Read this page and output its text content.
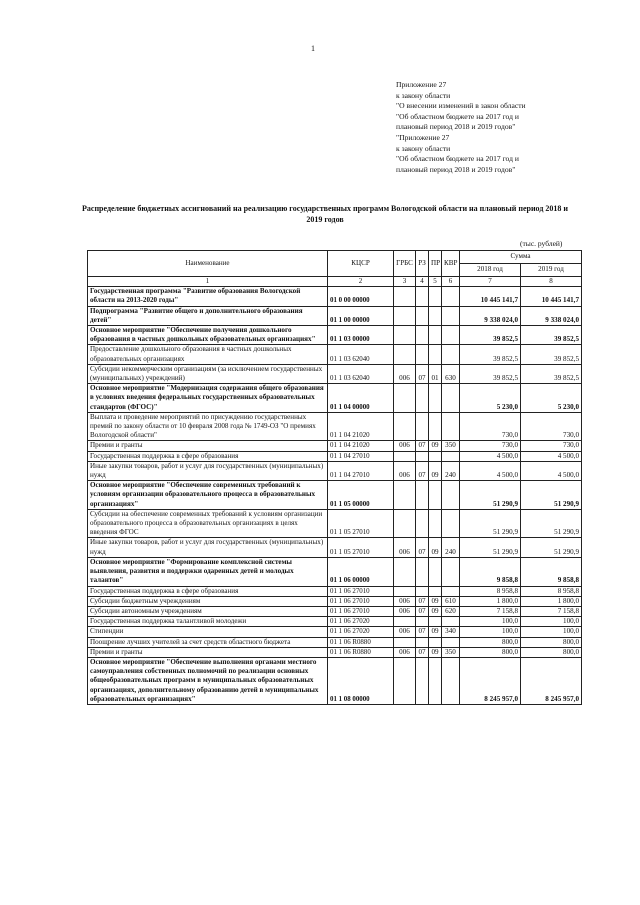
1
Приложение 27
к закону области
"О внесении изменений в закон области
"Об областном бюджете на 2017 год и
плановый период 2018 и 2019 годов"
"Приложение 27
к закону области
"Об областном бюджете на 2017 год и
плановый период 2018 и 2019 годов"
Распределение бюджетных ассигнований на реализацию государственных программ Вологодской области на плановый период 2018 и 2019 годов
(тыс. рублей)
Наименование	КЦСР	ГРБС	РЗ	ПР	КВР	Сумма	
						2018 год	2019 год
1	2	3	4	5	6	7	8
Государственная программа "Развитие образования Вологодской области на 2013-2020 годы"	01 0 00 00000					10 445 141,7	10 445 141,7
Подпрограмма "Развитие общего и дополнительного образования детей"	01 1 00 00000					9 338 024,0	9 338 024,0
Основное мероприятие "Обеспечение получения дошкольного образования в частных дошкольных образовательных организациях"	01 1 03 00000					39 852,5	39 852,5
Предоставление дошкольного образования в частных дошкольных образовательных организациях	01 1 03 62040					39 852,5	39 852,5
Субсидии некоммерческим организациям (за исключением государственных (муниципальных) учреждений)	01 1 03 62040	006	07	01	630	39 852,5	39 852,5
Основное мероприятие "Модернизация содержания общего образования в условиях введения федеральных государственных образовательных стандартов (ФГОС)"	01 1 04 00000					5 230,0	5 230,0
Выплата и проведение мероприятий по присуждению государственных премий по закону области от 10 февраля 2008 года № 1749-ОЗ "О премиях Вологодской области"	01 1 04 21020					730,0	730,0
Премии и гранты	01 1 04 21020	006	07	09	350	730,0	730,0
Государственная поддержка в сфере образования	01 1 04 27010					4 500,0	4 500,0
Иные закупки товаров, работ и услуг для государственных (муниципальных) нужд	01 1 04 27010	006	07	09	240	4 500,0	4 500,0
Основное мероприятие "Обеспечение современных требований к условиям организации образовательного процесса в образовательных организациях"	01 1 05 00000					51 290,9	51 290,9
Субсидии на обеспечение современных требований к условиям организации образовательного процесса в образовательных организациях в целях введения ФГОС	01 1 05 27010					51 290,9	51 290,9
Иные закупки товаров, работ и услуг для государственных (муниципальных) нужд	01 1 05 27010	006	07	09	240	51 290,9	51 290,9
Основное мероприятие "Формирование комплексной системы выявления, развития и поддержки одаренных детей и молодых талантов"	01 1 06 00000					9 858,8	9 858,8
Государственная поддержка в сфере образования	01 1 06 27010					8 958,8	8 958,8
Субсидии бюджетным учреждениям	01 1 06 27010	006	07	09	610	1 800,0	1 800,0
Субсидии автономным учреждениям	01 1 06 27010	006	07	09	620	7 158,8	7 158,8
Государственная поддержка талантливой молодежи	01 1 06 27020					100,0	100,0
Стипендии	01 1 06 27020	006	07	09	340	100,0	100,0
Поощрение лучших учителей за счет средств областного бюджета	01 1 06 R0880					800,0	800,0
Премии и гранты	01 1 06 R0880	006	07	09	350	800,0	800,0
Основное мероприятие "Обеспечение выполнения органами местного самоуправления собственных полномочий по реализации основных общеобразовательных программ в муниципальных образовательных организациях, дополнительному образованию детей в муниципальных образовательных организациях"	01 1 08 00000					8 245 957,0	8 245 957,0
